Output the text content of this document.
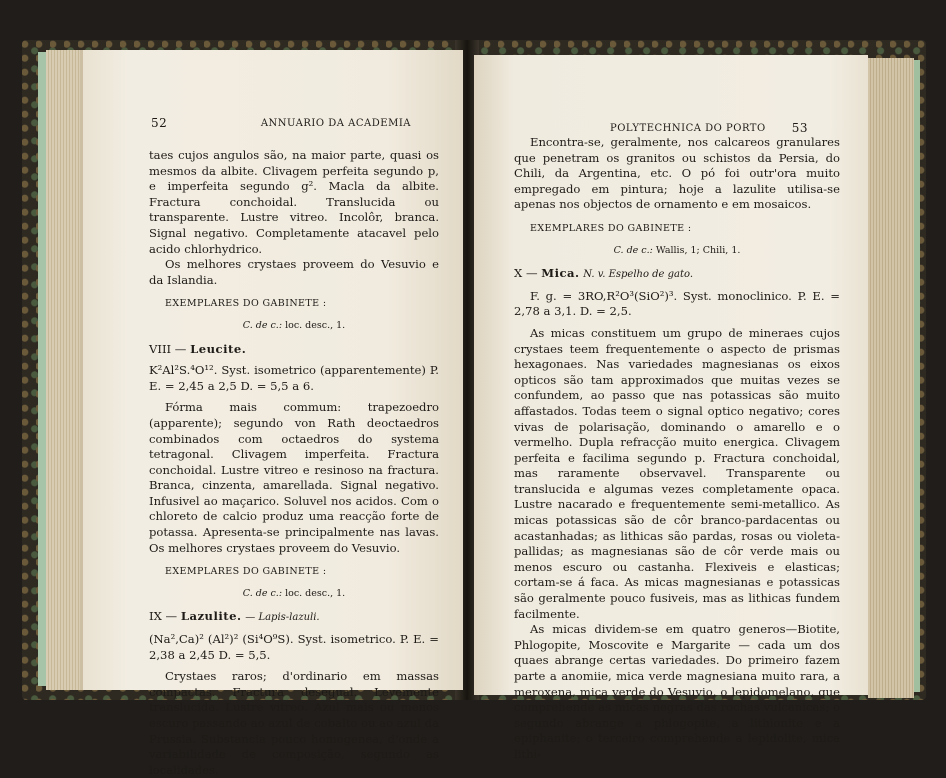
52	ANNUARIO DA ACADEMIA

taes cujos angulos são, na maior parte, quasi os mesmos da albite. Clivagem perfeita segundo p, e imperfeita segundo g². Macla da albite. Fractura conchoidal. Translucida ou transparente. Lustre vitreo. Incolôr, branca. Signal negativo. Completamente atacavel pelo acido chlorhydrico.

Os melhores crystaes proveem do Vesuvio e da Islandia.

EXEMPLARES DO GABINETE :
C. de c.: loc. desc., 1.
VIII — Leucite.

K²Al²S.⁴O¹². Syst. isometrico (apparentemente) P. E. = 2,45 a 2,5 D. = 5,5 a 6.

Fórma mais commum: trapezoedro (apparente); segundo von Rath deoctaedros combinados com octaedros do systema tetragonal. Clivagem imperfeita. Fractura conchoidal. Lustre vitreo e resinoso na fractura. Branca, cinzenta, amarellada. Signal negativo. Infusivel ao maçarico. Soluvel nos acidos. Com o chloreto de calcio produz uma reacção forte de potassa. Apresenta-se principalmente nas lavas. Os melhores crystaes proveem do Vesuvio.

EXEMPLARES DO GABINETE :
C. de c.: loc. desc., 1.
IX — Lazulite. — Lapis-lazuli.

(Na²,Ca)² (Al²)² (Si⁴O⁹S). Syst. isometrico. P. E. = 2,38 a 2,45 D. = 5,5.

Crystaes raros; d'ordinario em massas compactas. Fractura desegual. Levemente translucida. Lustre vitreo. Azul mais ou menos escuro passando ao azul de cobalto ou ao azul da Prussia. Substancia pouco homogenea, d'onde a variabilidade de composição, segundo as localidades.

POLYTECHNICA DO PORTO 53

Encontra-se, geralmente, nos calcareos granulares que penetram os granitos ou schistos da Persia, do Chili, da Argentina, etc. O pó foi outr'ora muito empregado em pintura; hoje a lazulite utilisa-se apenas nos objectos de ornamento e em mosaicos.

EXEMPLARES DO GABINETE :
C. de c.: Wallis, 1; Chili, 1.
X — Mica. N. v. Espelho de gato.

F. g. = 3RO,R²O³(SiO²)³. Syst. monoclinico. P. E. = 2,78 a 3,1. D. = 2,5.

As micas constituem um grupo de mineraes cujos crystaes teem frequentemente o aspecto de prismas hexagonaes. Nas variedades magnesianas os eixos opticos são tam approximados que muitas vezes se confundem, ao passo que nas potassicas são muito affastados. Todas teem o signal optico negativo; cores vivas de polarisação, dominando o amarello e o vermelho. Dupla refracção muito energica. Clivagem perfeita e facilima segundo p. Fractura conchoidal, mas raramente observavel. Transparente ou translucida e algumas vezes completamente opaca. Lustre nacarado e frequentemente semi-metallico. As micas potassicas são de côr branco-pardacentas ou acastanhadas; as lithicas são pardas, rosas ou violeta-pallidas; as magnesianas são de côr verde mais ou menos escuro ou castanha. Flexiveis e elasticas; cortam-se á faca. As micas magnesianas e potassicas são geralmente pouco fusiveis, mas as lithicas fundem facilmente.

As micas dividem-se em quatro generos—Biotite, Phlogopite, Moscovite e Margarite — cada um dos quaes abrange certas variedades. Do primeiro fazem parte a anomiie, mica verde magnesiana muito rara, a meroxena, mica verde do Vesuvio, o lepidomelano, que comprehende as micas negras das rochas vulcanicas; o segundo abrange a phlogopite, a lithionite e a epiphanite; o terceiro comprehende a lepidolite, mica lithi-
